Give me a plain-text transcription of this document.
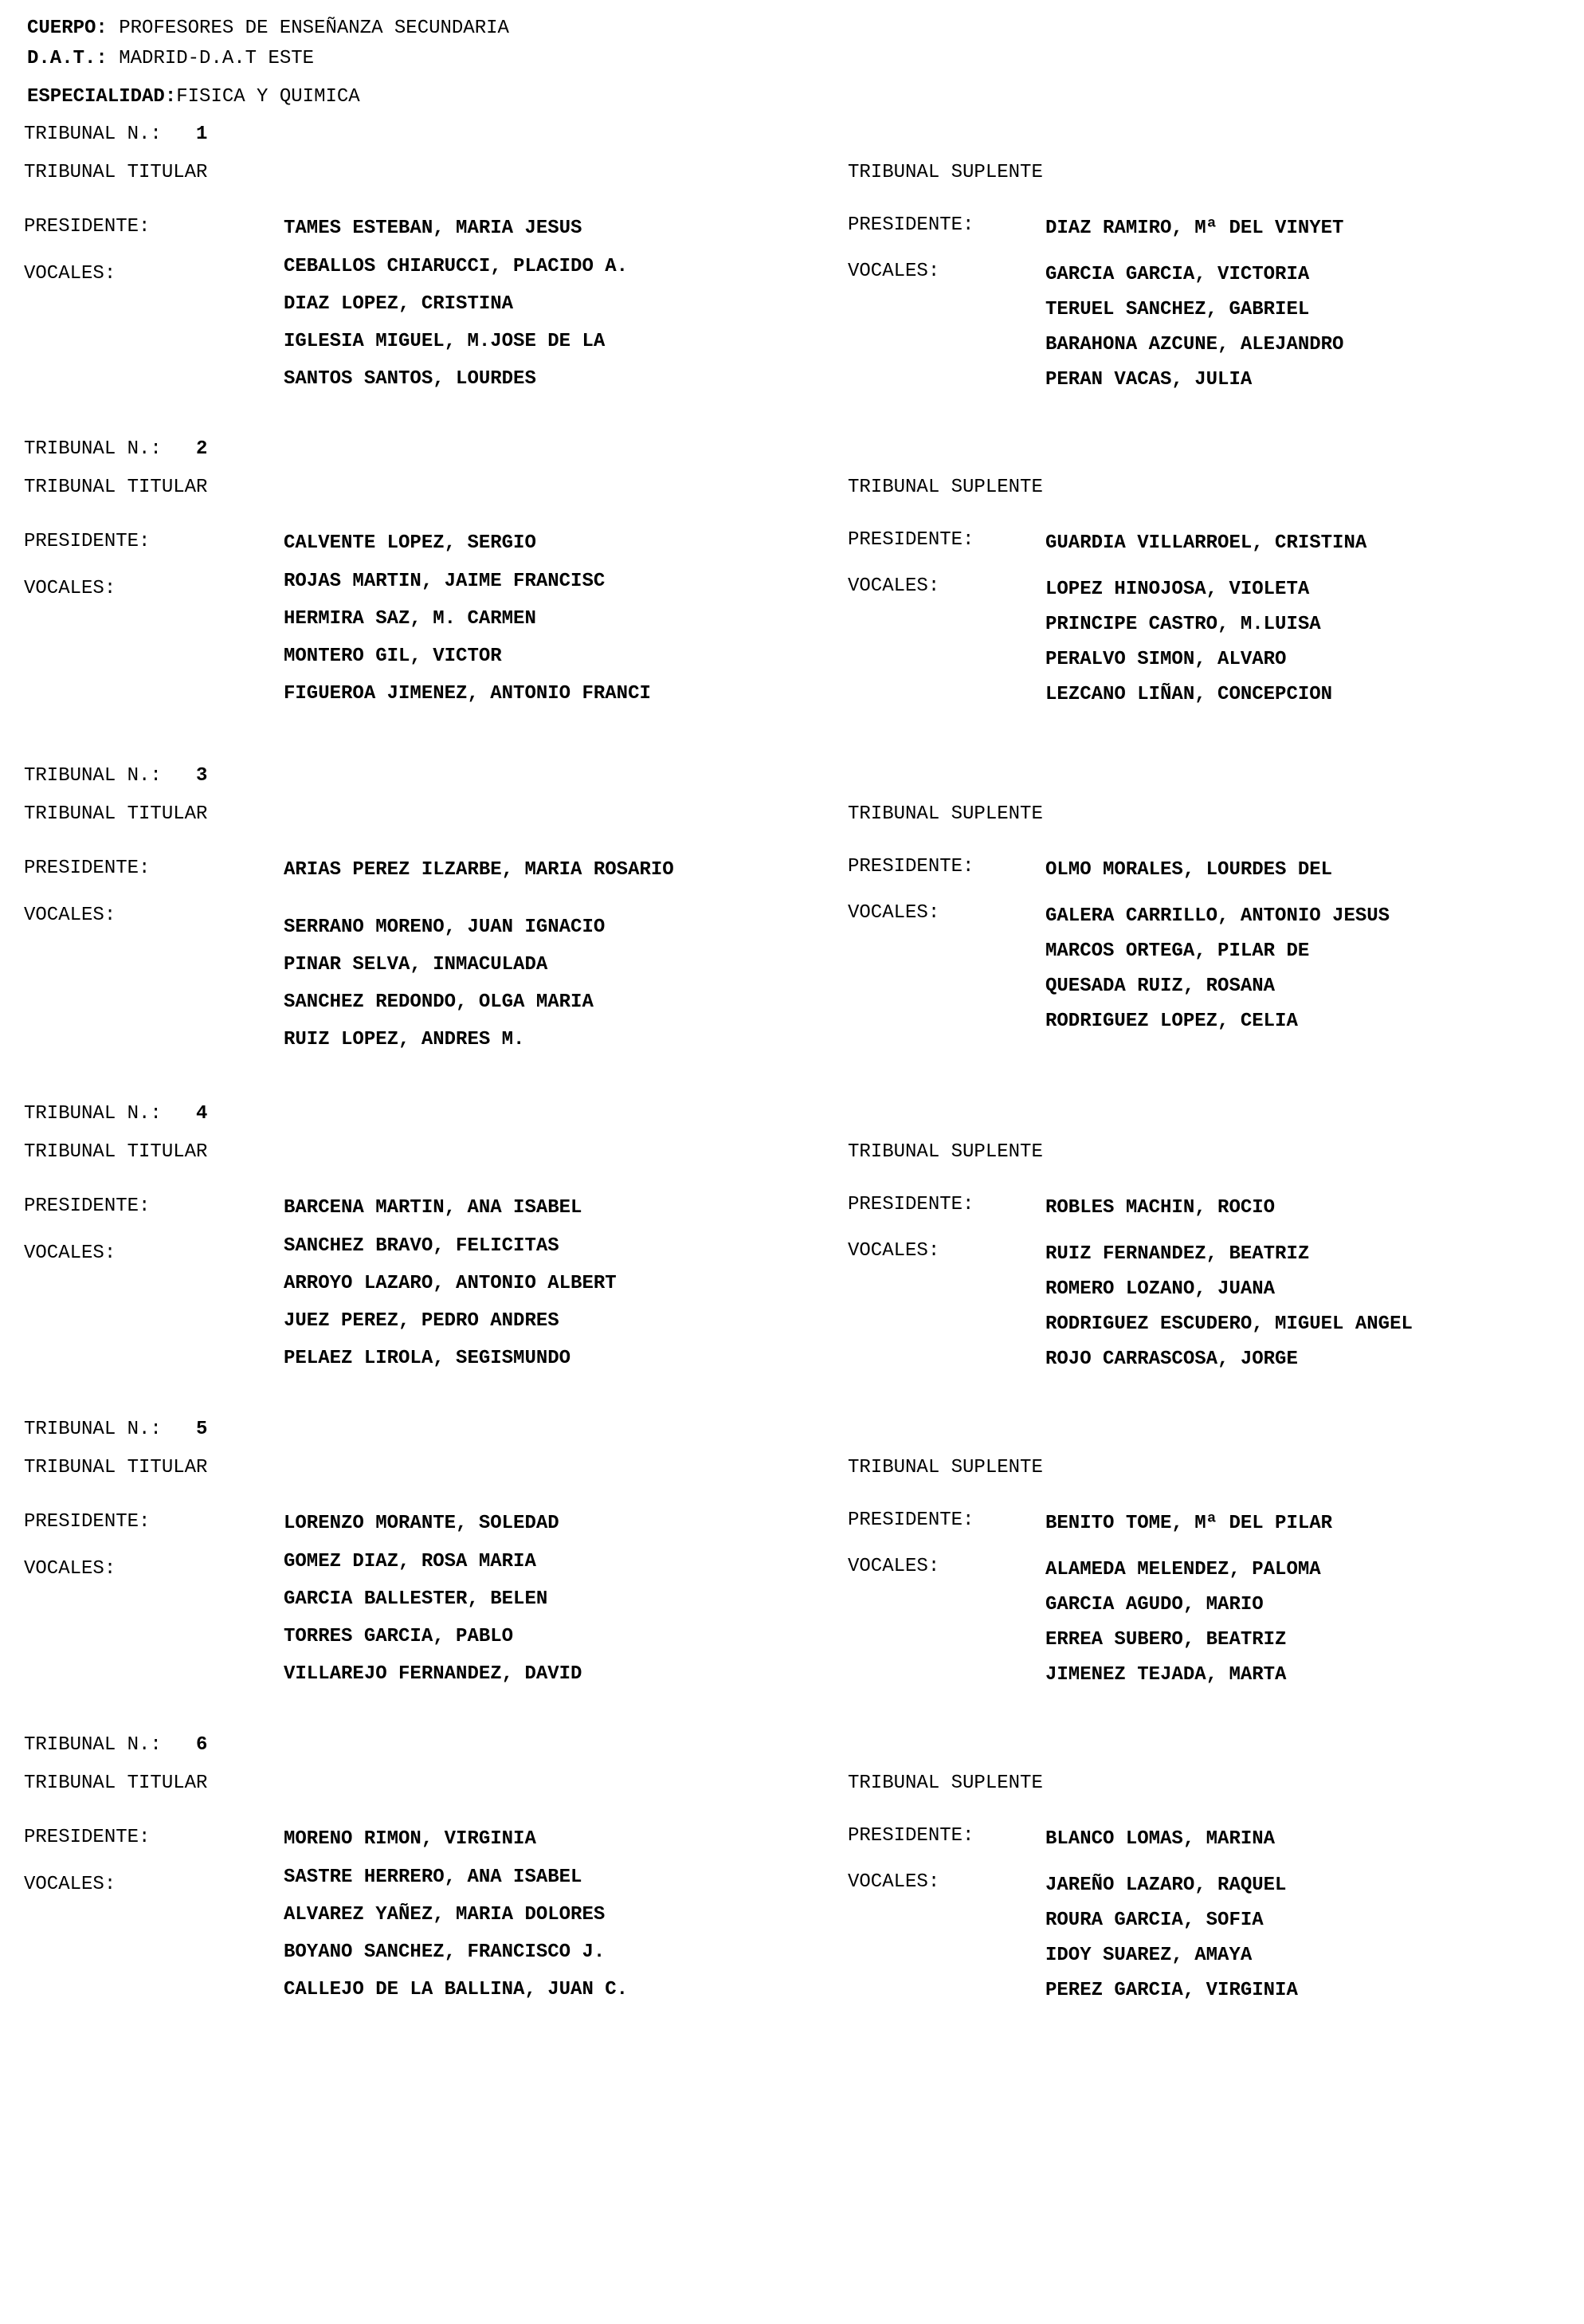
CUERPO: PROFESORES DE ENSEÑANZA SECUNDARIA
D.A.T.: MADRID-D.A.T ESTE
ESPECIALIDAD:FISICA Y QUIMICA
TRIBUNAL N.: 1
TRIBUNAL TITULAR	TRIBUNAL SUPLENTE
PRESIDENTE:	TAMES ESTEBAN, MARIA JESUS	PRESIDENTE:	DIAZ RAMIRO, Mª DEL VINYET
VOCALES:	CEBALLOS CHIARUCCI, PLACIDO A.
DIAZ LOPEZ, CRISTINA
IGLESIA MIGUEL, M.JOSE DE LA
SANTOS SANTOS, LOURDES
VOCALES:	GARCIA GARCIA, VICTORIA
TERUEL SANCHEZ, GABRIEL
BARAHONA AZCUNE, ALEJANDRO
PERAN VACAS, JULIA
TRIBUNAL N.: 2
TRIBUNAL TITULAR	TRIBUNAL SUPLENTE
PRESIDENTE:	CALVENTE LOPEZ, SERGIO	PRESIDENTE:	GUARDIA VILLARROEL, CRISTINA
VOCALES:	ROJAS MARTIN, JAIME FRANCISC
HERMIRA SAZ, M. CARMEN
MONTERO GIL, VICTOR
FIGUEROA JIMENEZ, ANTONIO FRANCI
VOCALES:	LOPEZ HINOJOSA, VIOLETA
PRINCIPE CASTRO, M.LUISA
PERALVO SIMON, ALVARO
LEZCANO LIÑAN, CONCEPCION
TRIBUNAL N.: 3
TRIBUNAL TITULAR	TRIBUNAL SUPLENTE
PRESIDENTE:	ARIAS PEREZ ILZARBE, MARIA ROSARIO	PRESIDENTE:	OLMO MORALES, LOURDES DEL
VOCALES:
SERRANO MORENO, JUAN IGNACIO
PINAR SELVA, INMACULADA
SANCHEZ REDONDO, OLGA MARIA
RUIZ LOPEZ, ANDRES M.
VOCALES:	GALERA CARRILLO, ANTONIO JESUS
MARCOS ORTEGA, PILAR DE
QUESADA RUIZ, ROSANA
RODRIGUEZ LOPEZ, CELIA
TRIBUNAL N.: 4
TRIBUNAL TITULAR	TRIBUNAL SUPLENTE
PRESIDENTE:	BARCENA MARTIN, ANA ISABEL	PRESIDENTE:	ROBLES MACHIN, ROCIO
VOCALES:	SANCHEZ BRAVO, FELICITAS
ARROYO LAZARO, ANTONIO ALBERT
JUEZ PEREZ, PEDRO ANDRES
PELAEZ LIROLA, SEGISMUNDO
VOCALES:	RUIZ FERNANDEZ, BEATRIZ
ROMERO LOZANO, JUANA
RODRIGUEZ ESCUDERO, MIGUEL ANGEL
ROJO CARRASCOSA, JORGE
TRIBUNAL N.: 5
TRIBUNAL TITULAR	TRIBUNAL SUPLENTE
PRESIDENTE:	LORENZO MORANTE, SOLEDAD	PRESIDENTE:	BENITO TOME, Mª DEL PILAR
VOCALES:	GOMEZ DIAZ, ROSA MARIA
GARCIA BALLESTER, BELEN
TORRES GARCIA, PABLO
VILLAREJO FERNANDEZ, DAVID
VOCALES:	ALAMEDA MELENDEZ, PALOMA
GARCIA AGUDO, MARIO
ERREA SUBERO, BEATRIZ
JIMENEZ TEJADA, MARTA
TRIBUNAL N.: 6
TRIBUNAL TITULAR	TRIBUNAL SUPLENTE
PRESIDENTE:	MORENO RIMON, VIRGINIA	PRESIDENTE:	BLANCO LOMAS, MARINA
VOCALES:	SASTRE HERRERO, ANA ISABEL
ALVAREZ YAÑEZ, MARIA DOLORES
BOYANO SANCHEZ, FRANCISCO J.
CALLEJO DE LA BALLINA, JUAN C.
VOCALES:	JAREÑO LAZARO, RAQUEL
ROURA GARCIA, SOFIA
IDOY SUAREZ, AMAYA
PEREZ GARCIA, VIRGINIA
